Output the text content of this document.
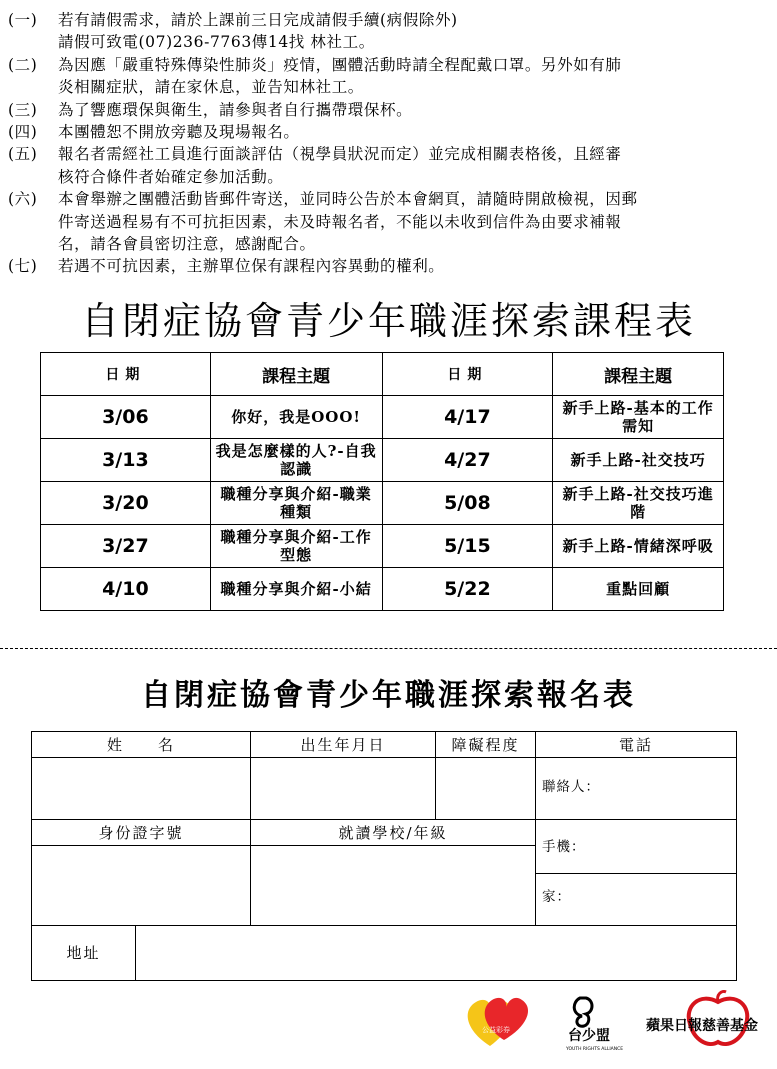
(一)	若有請假需求，請於上課前三日完成請假手續(病假除外)
請假可致電(07)236-7763傳14找 林社工。
(二)	為因應「嚴重特殊傳染性肺炎」疫情，團體活動時請全程配戴口罩。另外如有肺
炎相關症狀，請在家休息，並告知林社工。
(三)	為了響應環保與衛生，請參與者自行攜帶環保杯。
(四)	本團體恕不開放旁聽及現場報名。
(五)	報名者需經社工員進行面談評估（視學員狀況而定）並完成相關表格後，且經審
核符合條件者始確定參加活動。
(六)	本會舉辦之團體活動皆郵件寄送，並同時公告於本會網頁，請隨時開啟檢視，因郵
件寄送過程易有不可抗拒因素，未及時報名者，不能以未收到信件為由要求補報
名，請各會員密切注意，感謝配合。
(七)	若遇不可抗因素，主辦單位保有課程內容異動的權利。
自閉症協會青少年職涯探索課程表
日期	課程主題	日期	課程主題
3/06	你好，我是OOO!	4/17	新手上路-基本的工作需知
3/13	我是怎麼樣的人?-自我認識	4/27	新手上路-社交技巧
3/20	職種分享與介紹-職業種類	5/08	新手上路-社交技巧進階
3/27	職種分享與介紹-工作型態	5/15	新手上路-情緒深呼吸
4/10	職種分享與介紹-小結	5/22	重點回顧
自閉症協會青少年職涯探索報名表
姓　　名	出生年月日	障礙程度	電話
聯絡人：
手機：
家：
身份證字號	就讀學校/年級
地址
公益彩券	台少盟
YOUTH RIGHTS ALLIANCE
蘋果日報慈善基金
